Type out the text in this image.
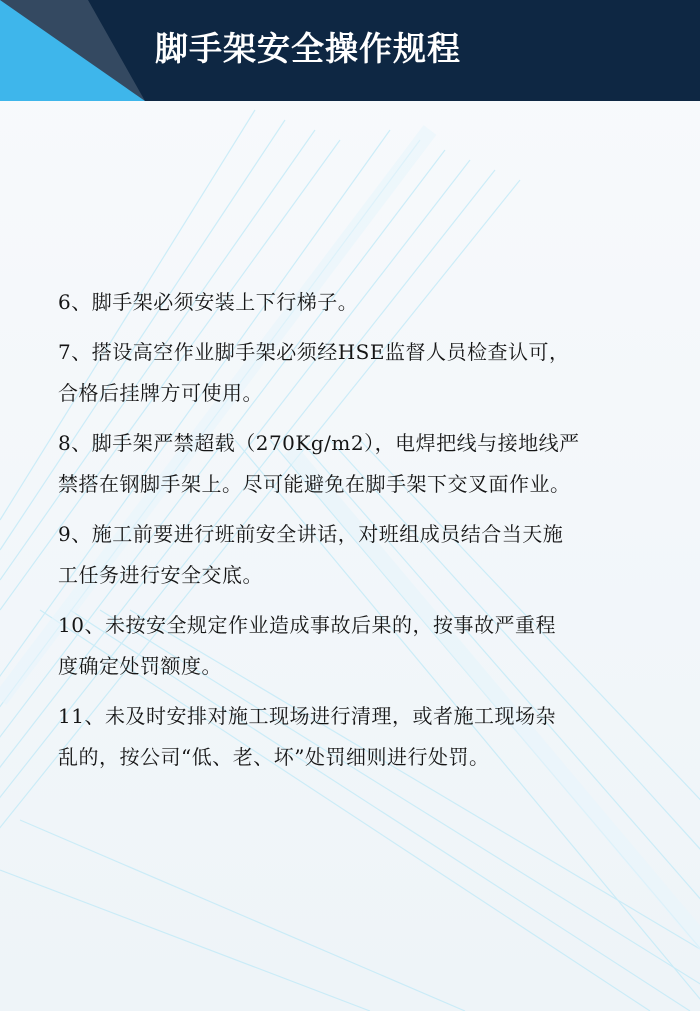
脚手架安全操作规程
6、脚手架必须安装上下行梯子。
7、搭设高空作业脚手架必须经HSE监督人员检查认可，
合格后挂牌方可使用。
8、脚手架严禁超载（270Kg/m2），电焊把线与接地线严
禁搭在钢脚手架上。尽可能避免在脚手架下交叉面作业。
9、施工前要进行班前安全讲话，对班组成员结合当天施
工任务进行安全交底。
10、未按安全规定作业造成事故后果的，按事故严重程
度确定处罚额度。
11、未及时安排对施工现场进行清理，或者施工现场杂
乱的，按公司“低、老、坏”处罚细则进行处罚。
